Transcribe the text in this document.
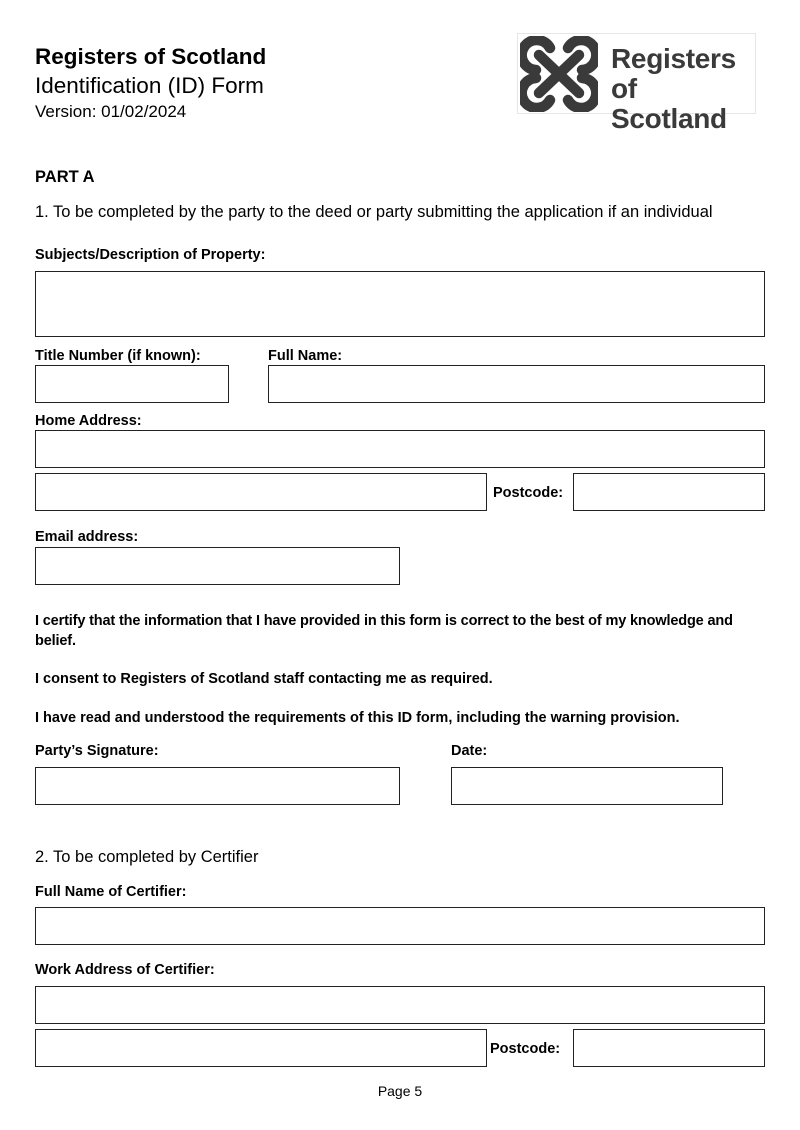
Registers of Scotland
Identification (ID) Form
Version: 01/02/2024
Registers
of Scotland
PART A
1. To be completed by the party to the deed or party submitting the application if an individual
Subjects/Description of Property:
Title Number (if known):	Full Name:
Home Address:
Postcode:
Email address:
I certify that the information that I have provided in this form is correct to the best of my knowledge and belief.
I consent to Registers of Scotland staff contacting me as required.
I have read and understood the requirements of this ID form, including the warning provision.
Party’s Signature:	Date:
2. To be completed by Certifier
Full Name of Certifier:
Work Address of Certifier:
Postcode:
Page 5
